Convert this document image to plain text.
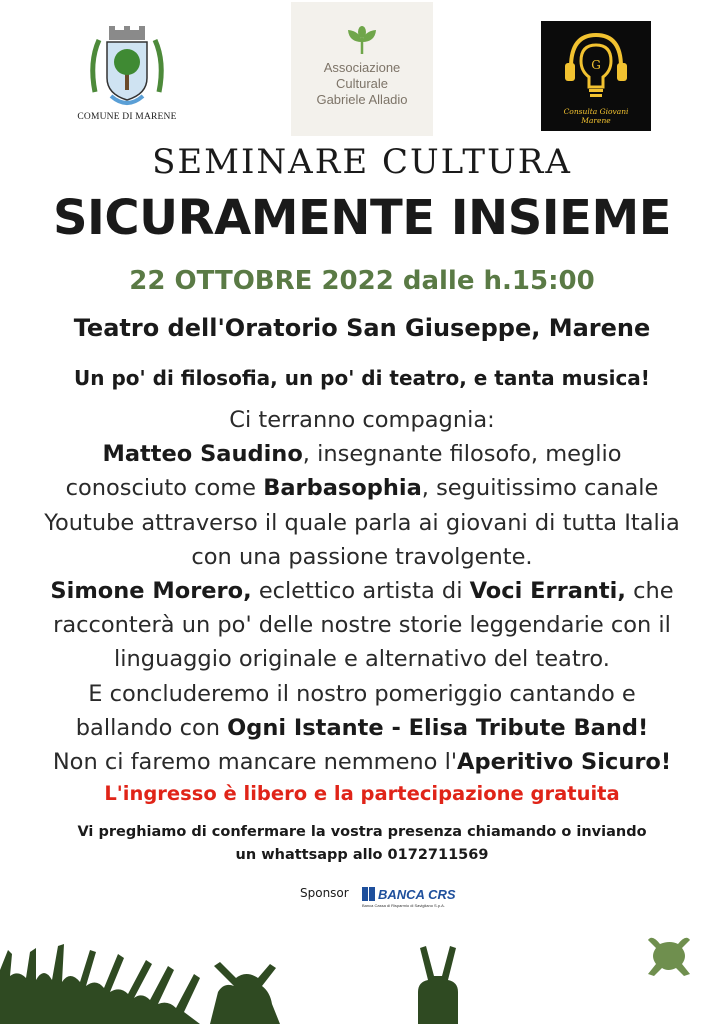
COMUNE DI MARENE
Associazione
Culturale
Gabriele Alladio
G
Consulta Giovani
Marene
SEMINARE CULTURA
SICURAMENTE INSIEME
22 OTTOBRE 2022 dalle h.15:00
Teatro dell'Oratorio San Giuseppe, Marene
Un po' di filosofia, un po' di teatro, e tanta musica!
Ci terranno compagnia:
Matteo Saudino, insegnante filosofo, meglio
conosciuto come Barbasophia, seguitissimo canale
Youtube attraverso il quale parla ai giovani di tutta Italia
con una passione travolgente.
Simone Morero, eclettico artista di Voci Erranti, che
racconterà un po' delle nostre storie leggendarie con il
linguaggio originale e alternativo del teatro.
E concluderemo il nostro pomeriggio cantando e
ballando con Ogni Istante - Elisa Tribute Band!
Non ci faremo mancare nemmeno l'Aperitivo Sicuro!
L'ingresso è libero e la partecipazione gratuita
Vi preghiamo di confermare la vostra presenza chiamando o inviando
un whattsapp allo 0172711569
Sponsor BANCA CRS
Banca Cassa di Risparmio di Savigliano S.p.A.
